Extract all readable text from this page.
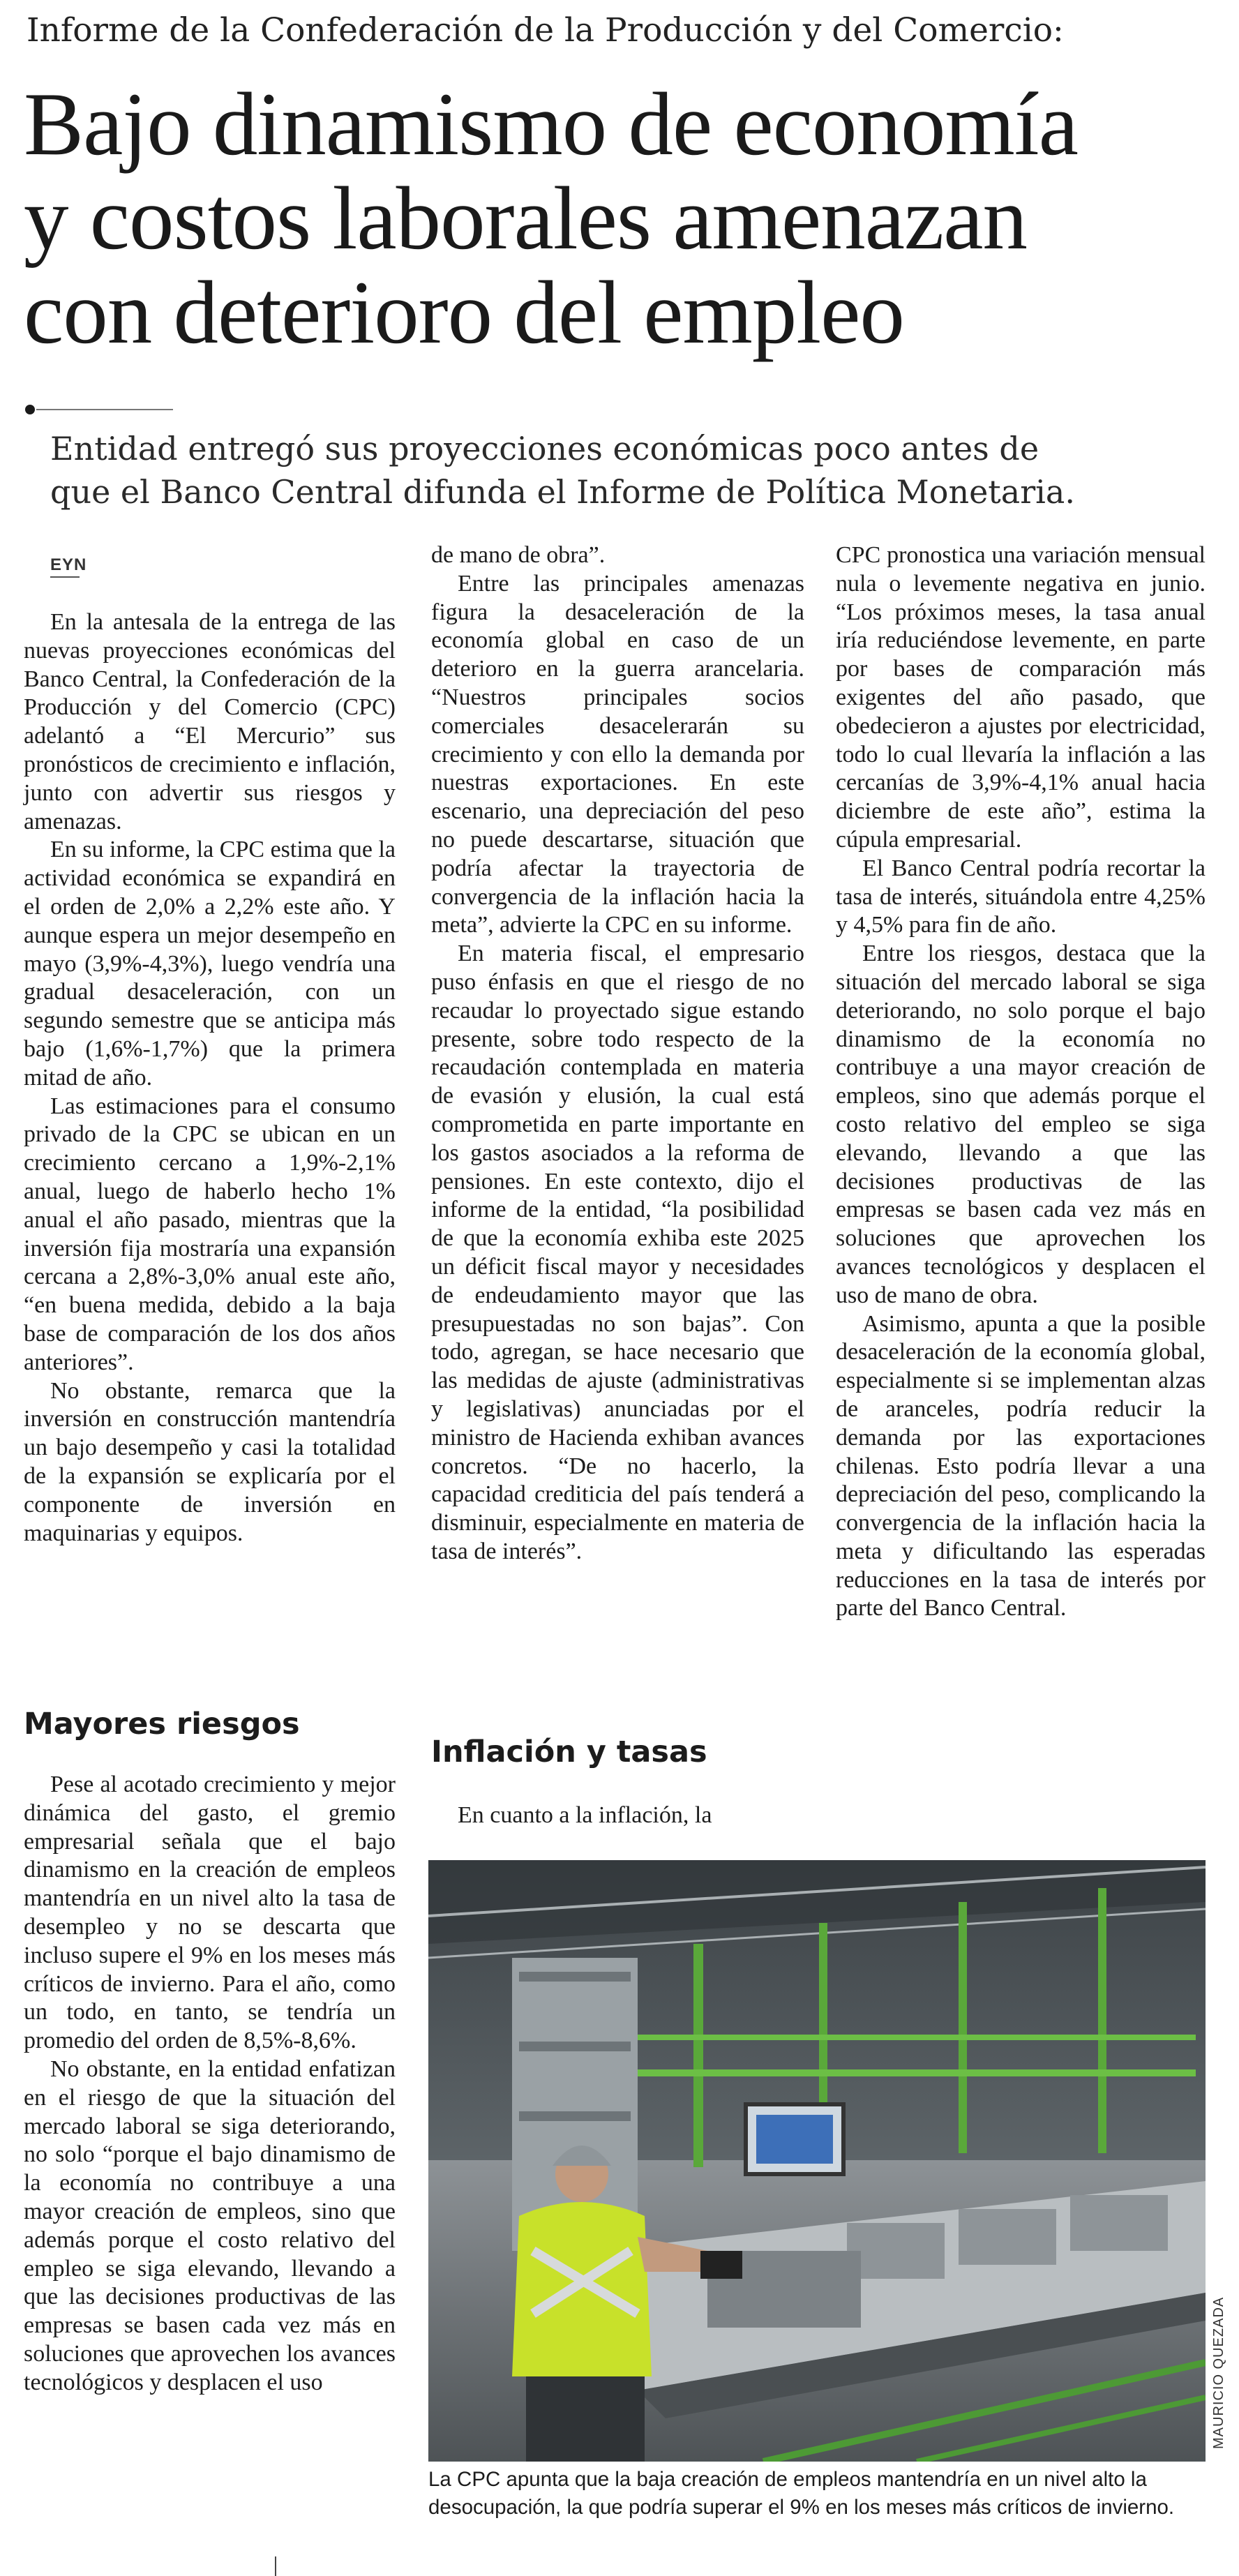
Informe de la Confederación de la Producción y del Comercio:
Bajo dinamismo de economía
y costos laborales amenazan
con deterioro del empleo
Entidad entregó sus proyecciones económicas poco antes de
que el Banco Central difunda el Informe de Política Monetaria.
EYN

En la antesala de la entrega de las nuevas proyecciones económicas del Banco Central, la Confederación de la Producción y del Comercio (CPC) adelantó a “El Mercurio” sus pronósticos de crecimiento e inflación, junto con advertir sus riesgos y amenazas.

En su informe, la CPC estima que la actividad económica se expandirá en el orden de 2,0% a 2,2% este año. Y aunque espera un mejor desempeño en mayo (3,9%-4,3%), luego vendría una gradual desaceleración, con un segundo semestre que se anticipa más bajo (1,6%-1,7%) que la primera mitad de año.

Las estimaciones para el consumo privado de la CPC se ubican en un crecimiento cercano a 1,9%-2,1% anual, luego de haberlo hecho 1% anual el año pasado, mientras que la inversión fija mostraría una expansión cercana a 2,8%-3,0% anual este año, “en buena medida, debido a la baja base de comparación de los dos años anteriores”.

No obstante, remarca que la inversión en construcción mantendría un bajo desempeño y casi la totalidad de la expansión se explicaría por el componente de inversión en maquinarias y equipos.

Mayores riesgos

Pese al acotado crecimiento y mejor dinámica del gasto, el gremio empresarial señala que el bajo dinamismo en la creación de empleos mantendría en un nivel alto la tasa de desempleo y no se descarta que incluso supere el 9% en los meses más críticos de invierno. Para el año, como un todo, en tanto, se tendría un promedio del orden de 8,5%-8,6%.

No obstante, en la entidad enfatizan en el riesgo de que la situación del mercado laboral se siga deteriorando, no solo “porque el bajo dinamismo de la economía no contribuye a una mayor creación de empleos, sino que además porque el costo relativo del empleo se siga elevando, llevando a que las decisiones productivas de las empresas se basen cada vez más en soluciones que aprovechen los avances tecnológicos y desplacen el uso

de mano de obra”.

Entre las principales amenazas figura la desaceleración de la economía global en caso de un deterioro en la guerra arancelaria. “Nuestros principales socios comerciales desacelerarán su crecimiento y con ello la demanda por nuestras exportaciones. En este escenario, una depreciación del peso no puede descartarse, situación que podría afectar la trayectoria de convergencia de la inflación hacia la meta”, advierte la CPC en su informe.

En materia fiscal, el empresario puso énfasis en que el riesgo de no recaudar lo proyectado sigue estando presente, sobre todo respecto de la recaudación contemplada en materia de evasión y elusión, la cual está comprometida en parte importante en los gastos asociados a la reforma de pensiones. En este contexto, dijo el informe de la entidad, “la posibilidad de que la economía exhiba este 2025 un déficit fiscal mayor y necesidades de endeudamiento mayor que las presupuestadas no son bajas”. Con todo, agregan, se hace necesario que las medidas de ajuste (administrativas y legislativas) anunciadas por el ministro de Hacienda exhiban avances concretos. “De no hacerlo, la capacidad crediticia del país tenderá a disminuir, especialmente en materia de tasa de interés”.

Inflación y tasas

En cuanto a la inflación, la

CPC pronostica una variación mensual nula o levemente negativa en junio. “Los próximos meses, la tasa anual iría reduciéndose levemente, en parte por bases de comparación más exigentes del año pasado, que obedecieron a ajustes por electricidad, todo lo cual llevaría la inflación a las cercanías de 3,9%-4,1% anual hacia diciembre de este año”, estima la cúpula empresarial.

El Banco Central podría recortar la tasa de interés, situándola entre 4,25% y 4,5% para fin de año.

Entre los riesgos, destaca que la situación del mercado laboral se siga deteriorando, no solo porque el bajo dinamismo de la economía no contribuye a una mayor creación de empleos, sino que además porque el costo relativo del empleo se siga elevando, llevando a que las decisiones productivas de las empresas se basen cada vez más en soluciones que aprovechen los avances tecnológicos y desplacen el uso de mano de obra.

Asimismo, apunta a que la posible desaceleración de la economía global, especialmente si se implementan alzas de aranceles, podría reducir la demanda por las exportaciones chilenas. Esto podría llevar a una depreciación del peso, complicando la convergencia de la inflación hacia la meta y dificultando las esperadas reducciones en la tasa de interés por parte del Banco Central.

MAURICIO QUEZADA
La CPC apunta que la baja creación de empleos mantendría en un nivel alto la
desocupación, la que podría superar el 9% en los meses más críticos de invierno.
